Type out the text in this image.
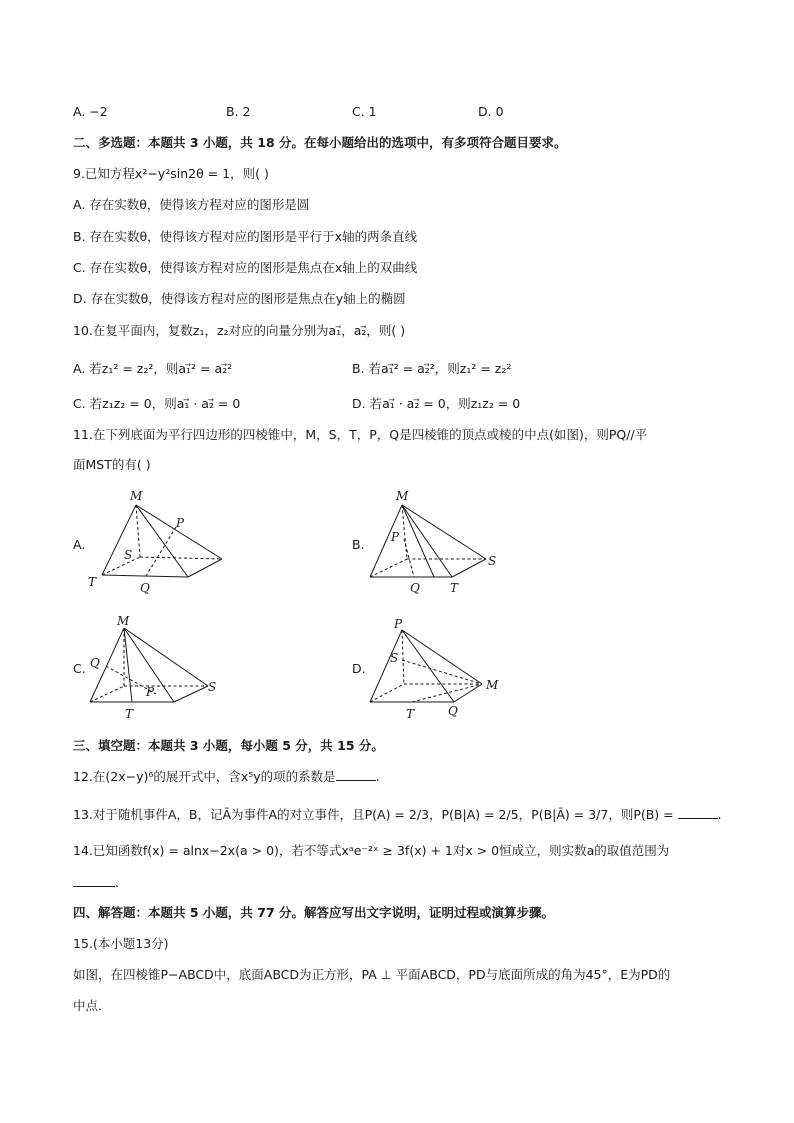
A. −2	B. 2	C. 1	D. 0
二、多选题：本题共 3 小题，共 18 分。在每小题给出的选项中，有多项符合题目要求。
9.已知方程x²−y²sin2θ = 1，则( )
A. 存在实数θ，使得该方程对应的图形是圆
B. 存在实数θ，使得该方程对应的图形是平行于x轴的两条直线
C. 存在实数θ，使得该方程对应的图形是焦点在x轴上的双曲线
D. 存在实数θ，使得该方程对应的图形是焦点在y轴上的椭圆
10.在复平面内，复数z₁，z₂对应的向量分别为a₁⃗，a₂⃗，则( )
A. 若z₁² = z₂²，则a₁⃗² = a₂⃗²	B. 若a₁⃗² = a₂⃗²，则z₁² = z₂²
C. 若z₁z₂ = 0，则a₁⃗ · a₂⃗ = 0	D. 若a₁⃗ · a₂⃗ = 0，则z₁z₂ = 0
11.在下列底面为平行四边形的四棱锥中，M，S，T，P，Q是四棱锥的顶点或棱的中点(如图)，则PQ//平
面MST的有( )
A.
M
P
S
T	Q
B.
M
P
S
Q	T
C.
M
Q
P	S
T
D.
P
S
M
T	Q
三、填空题：本题共 3 小题，每小题 5 分，共 15 分。
12.在(2x−y)⁶的展开式中，含x⁵y的项的系数是	.
13.对于随机事件A，B，记Ā为事件A的对立事件，且P(A) = 2/3，P(B|A) = 2/5，P(B|Ā) = 3/7，则P(B) =	.
14.已知函数f(x) = alnx−2x(a > 0)，若不等式xᵃe⁻²ˣ ≥ 3f(x) + 1对x > 0恒成立，则实数a的取值范围为
.
四、解答题：本题共 5 小题，共 77 分。解答应写出文字说明，证明过程或演算步骤。
15.(本小题13分)
如图，在四棱锥P−ABCD中，底面ABCD为正方形，PA ⊥ 平面ABCD，PD与底面所成的角为45°，E为PD的
中点．
